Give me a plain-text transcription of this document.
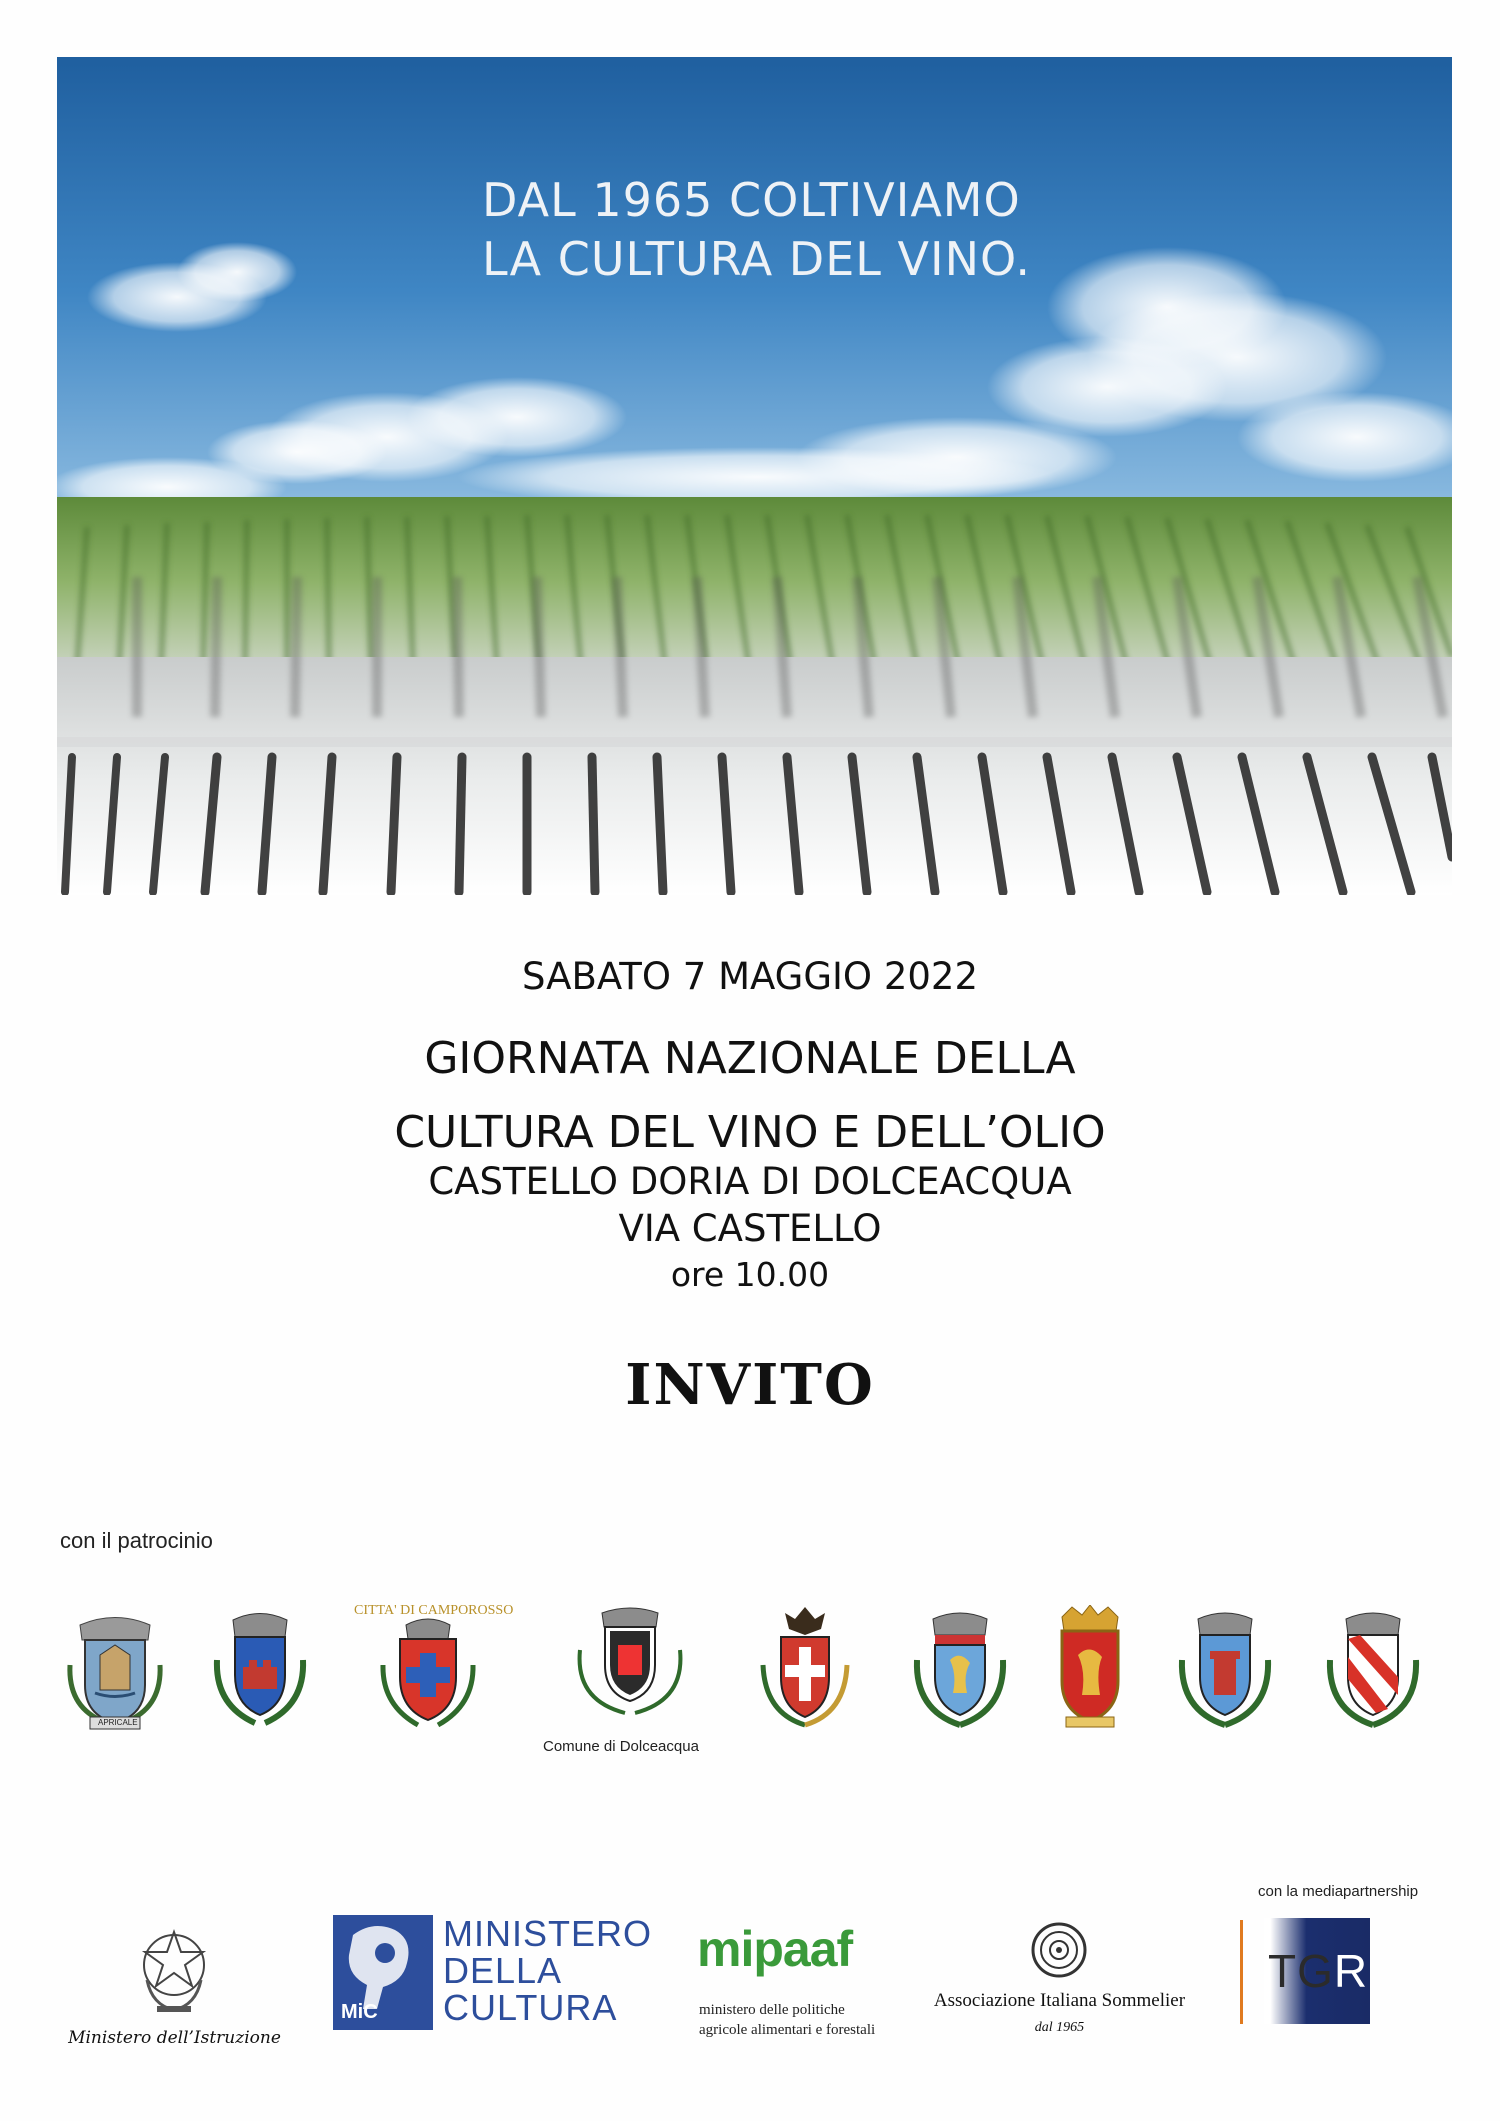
DAL 1965 COLTIVIAMO
LA CULTURA DEL VINO.
SABATO 7 MAGGIO 2022
GIORNATA NAZIONALE DELLA
CULTURA DEL VINO E DELL’OLIO
CASTELLO DORIA DI DOLCEACQUA
VIA CASTELLO
ore 10.00
INVITO
con il patrocinio
APRICALE
CITTA' DI CAMPOROSSO
Comune di Dolceacqua
con la mediapartnership
Ministero dell’Istruzione
MiC
MINISTERO
DELLA
CULTURA
mipaaf
ministero delle politiche
agricole alimentari e forestali
Associazione Italiana Sommelier
dal 1965
TGR
